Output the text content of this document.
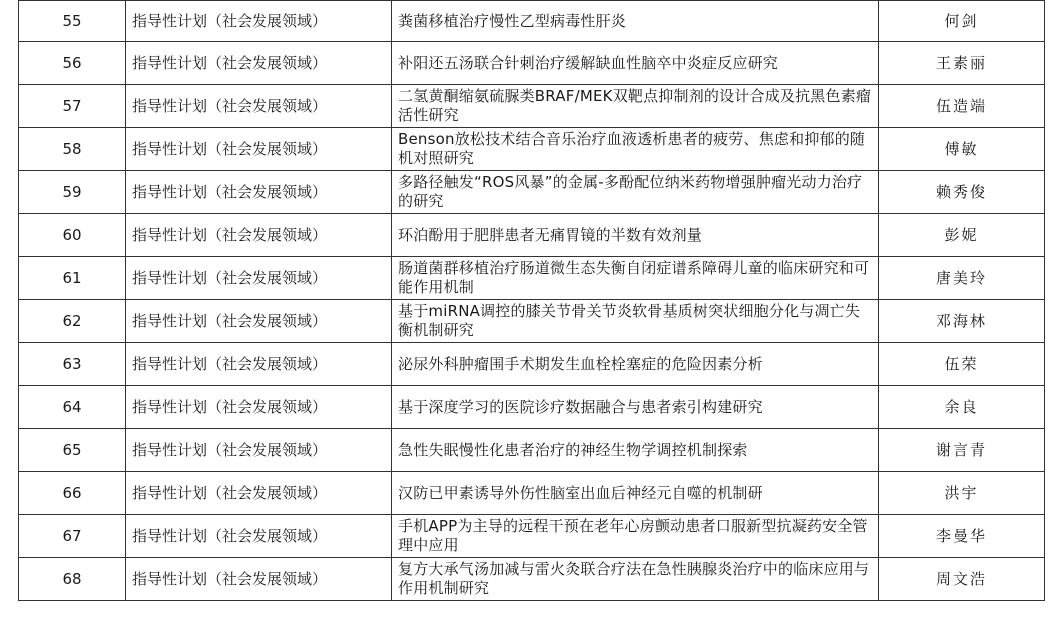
55	指导性计划（社会发展领域）	粪菌移植治疗慢性乙型病毒性肝炎	何剑
56	指导性计划（社会发展领域）	补阳还五汤联合针刺治疗缓解缺血性脑卒中炎症反应研究	王素丽
57	指导性计划（社会发展领域）	二氢黄酮缩氨硫脲类BRAF/MEK双靶点抑制剂的设计合成及抗黑色素瘤活性研究	伍造端
58	指导性计划（社会发展领域）	Benson放松技术结合音乐治疗血液透析患者的疲劳、焦虑和抑郁的随机对照研究	傅敏
59	指导性计划（社会发展领域）	多路径触发“ROS风暴”的金属-多酚配位纳米药物增强肿瘤光动力治疗的研究	赖秀俊
60	指导性计划（社会发展领域）	环泊酚用于肥胖患者无痛胃镜的半数有效剂量	彭妮
61	指导性计划（社会发展领域）	肠道菌群移植治疗肠道微生态失衡自闭症谱系障碍儿童的临床研究和可能作用机制	唐美玲
62	指导性计划（社会发展领域）	基于miRNA调控的膝关节骨关节炎软骨基质树突状细胞分化与凋亡失衡机制研究	邓海林
63	指导性计划（社会发展领域）	泌尿外科肿瘤围手术期发生血栓栓塞症的危险因素分析	伍荣
64	指导性计划（社会发展领域）	基于深度学习的医院诊疗数据融合与患者索引构建研究	余良
65	指导性计划（社会发展领域）	急性失眠慢性化患者治疗的神经生物学调控机制探索	谢言青
66	指导性计划（社会发展领域）	汉防已甲素诱导外伤性脑室出血后神经元自噬的机制研	洪宇
67	指导性计划（社会发展领域）	手机APP为主导的远程干预在老年心房颤动患者口服新型抗凝药安全管理中应用	李曼华
68	指导性计划（社会发展领域）	复方大承气汤加减与雷火灸联合疗法在急性胰腺炎治疗中的临床应用与作用机制研究	周文浩
